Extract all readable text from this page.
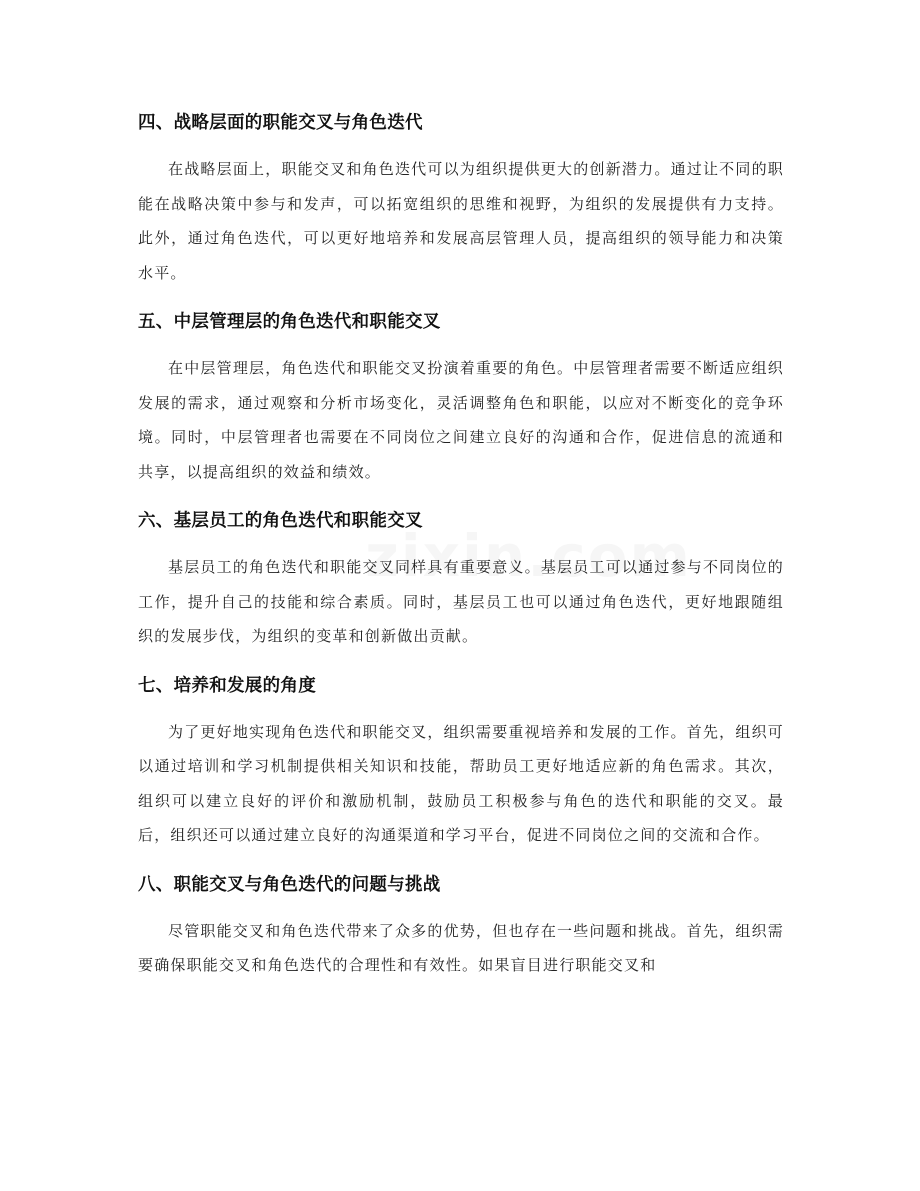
四、战略层面的职能交叉与角色迭代

在战略层面上，职能交叉和角色迭代可以为组织提供更大的创新潜力。通过让不同的职能在战略决策中参与和发声，可以拓宽组织的思维和视野，为组织的发展提供有力支持。此外，通过角色迭代，可以更好地培养和发展高层管理人员，提高组织的领导能力和决策水平。

五、中层管理层的角色迭代和职能交叉

在中层管理层，角色迭代和职能交叉扮演着重要的角色。中层管理者需要不断适应组织发展的需求，通过观察和分析市场变化，灵活调整角色和职能，以应对不断变化的竞争环境。同时，中层管理者也需要在不同岗位之间建立良好的沟通和合作，促进信息的流通和共享，以提高组织的效益和绩效。

六、基层员工的角色迭代和职能交叉

基层员工的角色迭代和职能交叉同样具有重要意义。基层员工可以通过参与不同岗位的工作，提升自己的技能和综合素质。同时，基层员工也可以通过角色迭代，更好地跟随组织的发展步伐，为组织的变革和创新做出贡献。

七、培养和发展的角度

为了更好地实现角色迭代和职能交叉，组织需要重视培养和发展的工作。首先，组织可以通过培训和学习机制提供相关知识和技能，帮助员工更好地适应新的角色需求。其次，组织可以建立良好的评价和激励机制，鼓励员工积极参与角色的迭代和职能的交叉。最后，组织还可以通过建立良好的沟通渠道和学习平台，促进不同岗位之间的交流和合作。

八、职能交叉与角色迭代的问题与挑战

尽管职能交叉和角色迭代带来了众多的优势，但也存在一些问题和挑战。首先，组织需要确保职能交叉和角色迭代的合理性和有效性。如果盲目进行职能交叉和
